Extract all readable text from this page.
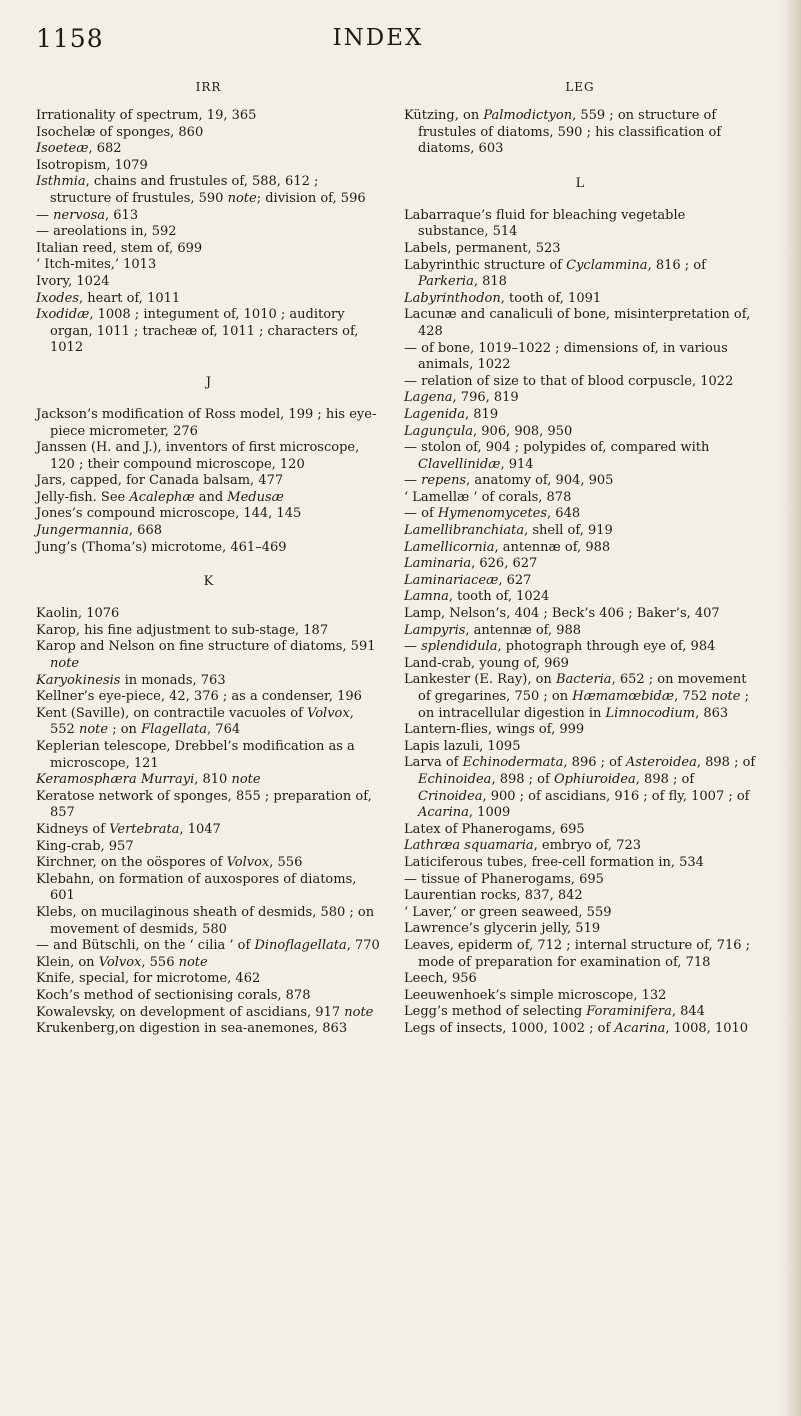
1158	INDEX
IRR

Irrationality of spectrum, 19, 365

Isochelæ of sponges, 860

Isoeteæ, 682

Isotropism, 1079

Isthmia, chains and frustules of, 588, 612 ; structure of frustules, 590 note; division of, 596

— nervosa, 613

— areolations in, 592

Italian reed, stem of, 699

‘ Itch-mites,’ 1013

Ivory, 1024

Ixodes, heart of, 1011

Ixodidæ, 1008 ; integument of, 1010 ; auditory organ, 1011 ; tracheæ of, 1011 ; characters of, 1012

J

Jackson’s modification of Ross model, 199 ; his eye-piece micrometer, 276

Janssen (H. and J.), inventors of first microscope, 120 ; their compound microscope, 120

Jars, capped, for Canada balsam, 477

Jelly-fish. See Acalephæ and Medusæ

Jones’s compound microscope, 144, 145

Jungermannia, 668

Jung’s (Thoma’s) microtome, 461–469

K

Kaolin, 1076

Karop, his fine adjustment to sub-stage, 187

Karop and Nelson on fine structure of diatoms, 591 note

Karyokinesis in monads, 763

Kellner’s eye-piece, 42, 376 ; as a condenser, 196

Kent (Saville), on contractile vacuoles of Volvox, 552 note ; on Flagellata, 764

Keplerian telescope, Drebbel’s modification as a microscope, 121

Keramosphæra Murrayi, 810 note

Keratose network of sponges, 855 ; preparation of, 857

Kidneys of Vertebrata, 1047

King-crab, 957

Kirchner, on the oöspores of Volvox, 556

Klebahn, on formation of auxospores of diatoms, 601

Klebs, on mucilaginous sheath of desmids, 580 ; on movement of desmids, 580

— and Bütschli, on the ‘ cilia ’ of Dinoflagellata, 770

Klein, on Volvox, 556 note

Knife, special, for microtome, 462

Koch’s method of sectionising corals, 878

Kowalevsky, on development of ascidians, 917 note

Krukenberg,on digestion in sea-anemones, 863

LEG

Kützing, on Palmodictyon, 559 ; on structure of frustules of diatoms, 590 ; his classification of diatoms, 603

L

Labarraque’s fluid for bleaching vegetable substance, 514

Labels, permanent, 523

Labyrinthic structure of Cyclammina, 816 ; of Parkeria, 818

Labyrinthodon, tooth of, 1091

Lacunæ and canaliculi of bone, misinterpretation of, 428

— of bone, 1019–1022 ; dimensions of, in various animals, 1022

— relation of size to that of blood corpuscle, 1022

Lagena, 796, 819

Lagenida, 819

Lagunçula, 906, 908, 950

— stolon of, 904 ; polypides of, compared with Clavellinidæ, 914

— repens, anatomy of, 904, 905

‘ Lamellæ ’ of corals, 878

— of Hymenomycetes, 648

Lamellibranchiata, shell of, 919

Lamellicornia, antennæ of, 988

Laminaria, 626, 627

Laminariaceæ, 627

Lamna, tooth of, 1024

Lamp, Nelson’s, 404 ; Beck’s 406 ; Baker’s, 407

Lampyris, antennæ of, 988

— splendidula, photograph through eye of, 984

Land-crab, young of, 969

Lankester (E. Ray), on Bacteria, 652 ; on movement of gregarines, 750 ; on Hæmamœbidæ, 752 note ; on intracellular digestion in Limnocodium, 863

Lantern-flies, wings of, 999

Lapis lazuli, 1095

Larva of Echinodermata, 896 ; of Asteroidea, 898 ; of Echinoidea, 898 ; of Ophiuroidea, 898 ; of Crinoidea, 900 ; of ascidians, 916 ; of fly, 1007 ; of Acarina, 1009

Latex of Phanerogams, 695

Lathræa squamaria, embryo of, 723

Laticiferous tubes, free-cell formation in, 534

— tissue of Phanerogams, 695

Laurentian rocks, 837, 842

‘ Laver,’ or green seaweed, 559

Lawrence’s glycerin jelly, 519

Leaves, epiderm of, 712 ; internal structure of, 716 ; mode of preparation for examination of, 718

Leech, 956

Leeuwenhoek’s simple microscope, 132

Legg’s method of selecting Foraminifera, 844

Legs of insects, 1000, 1002 ; of Acarina, 1008, 1010
